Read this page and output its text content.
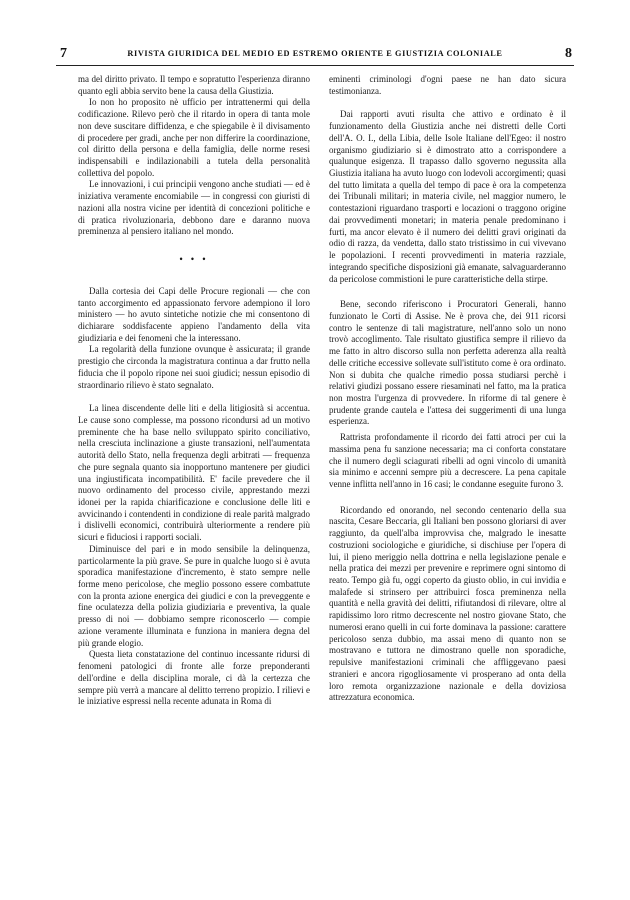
7	RIVISTA GIURIDICA DEL MEDIO ED ESTREMO ORIENTE E GIUSTIZIA COLONIALE	8

ma del diritto privato. Il tempo e sopratutto l'esperienza diranno quanto egli abbia servito bene la causa della Giustizia.

Io non ho proposito nè ufficio per intrattenermi qui della codificazione. Rilevo però che il ritardo in opera di tanta mole non deve suscitare diffidenza, e che spiegabile è il divisamento di procedere per gradi, anche per non differire la coordinazione, col diritto della persona e della famiglia, delle norme resesi indispensabili e indilazionabili a tutela della personalità collettiva del popolo.

Le innovazioni, i cui principii vengono anche studiati — ed è iniziativa veramente encomiabile — in congressi con giuristi di nazioni alla nostra vicine per identità di concezioni politiche e di pratica rivoluzionaria, debbono dare e daranno nuova preminenza al pensiero italiano nel mondo.

• • •

Dalla cortesia dei Capi delle Procure regionali — che con tanto accorgimento ed appassionato fervore adempiono il loro ministero — ho avuto sintetiche notizie che mi consentono di dichiarare soddisfacente appieno l'andamento della vita giudiziaria e dei fenomeni che la interessano.

La regolarità della funzione ovunque è assicurata; il grande prestigio che circonda la magistratura continua a dar frutto nella fiducia che il popolo ripone nei suoi giudici; nessun episodio di straordinario rilievo è stato segnalato.

La linea discendente delle liti e della litigiosità si accentua. Le cause sono complesse, ma possono ricondursi ad un motivo preminente che ha base nello sviluppato spirito conciliativo, nella cresciuta inclinazione a giuste transazioni, nell'aumentata autorità dello Stato, nella frequenza degli arbitrati — frequenza che pure segnala quanto sia inopportuno mantenere per giudici una ingiustificata incompatibilità. E' facile prevedere che il nuovo ordinamento del processo civile, apprestando mezzi idonei per la rapida chiarificazione e conclusione delle liti e avvicinando i contendenti in condizione di reale parità malgrado i dislivelli economici, contribuirà ulteriormente a rendere più sicuri e fiduciosi i rapporti sociali.

Diminuisce del pari e in modo sensibile la delinquenza, particolarmente la più grave. Se pure in qualche luogo si è avuta sporadica manifestazione d'incremento, è stato sempre nelle forme meno pericolose, che meglio possono essere combattute con la pronta azione energica dei giudici e con la preveggente e fine oculatezza della polizia giudiziaria e preventiva, la quale presso di noi — dobbiamo sempre riconoscerlo — compie azione veramente illuminata e funziona in maniera degna del più grande elogio.

Questa lieta constatazione del continuo incessante ridursi di fenomeni patologici di fronte alle forze preponderanti dell'ordine e della disciplina morale, ci dà la certezza che sempre più verrà a mancare al delitto terreno propizio. I rilievi e le iniziative espressi nella recente adunata in Roma di

eminenti criminologi d'ogni paese ne han dato sicura testimonianza.

Dai rapporti avuti risulta che attivo e ordinato è il funzionamento della Giustizia anche nei distretti delle Corti dell'A. O. I., della Libia, delle Isole Italiane dell'Egeo: il nostro organismo giudiziario si è dimostrato atto a corrispondere a qualunque esigenza. Il trapasso dallo sgoverno negussita alla Giustizia italiana ha avuto luogo con lodevoli accorgimenti; quasi del tutto limitata a quella del tempo di pace è ora la competenza dei Tribunali militari; in materia civile, nel maggior numero, le contestazioni riguardano trasporti e locazioni o traggono origine dai provvedimenti monetari; in materia penale predominano i furti, ma ancor elevato è il numero dei delitti gravi originati da odio di razza, da vendetta, dallo stato tristissimo in cui vivevano le popolazioni. I recenti provvedimenti in materia razziale, integrando specifiche disposizioni già emanate, salvaguarderanno da pericolose commistioni le pure caratteristiche della stirpe.

Bene, secondo riferiscono i Procuratori Generali, hanno funzionato le Corti di Assise. Ne è prova che, dei 911 ricorsi contro le sentenze di tali magistrature, nell'anno solo un nono trovò accoglimento. Tale risultato giustifica sempre il rilievo da me fatto in altro discorso sulla non perfetta aderenza alla realtà delle critiche eccessive sollevate sull'istituto come è ora ordinato. Non si dubita che qualche rimedio possa studiarsi perchè i relativi giudizi possano essere riesaminati nel fatto, ma la pratica non mostra l'urgenza di provvedere. In riforme di tal genere è prudente grande cautela e l'attesa dei suggerimenti di una lunga esperienza.

Rattrista profondamente il ricordo dei fatti atroci per cui la massima pena fu sanzione necessaria; ma ci conforta constatare che il numero degli sciagurati ribelli ad ogni vincolo di umanità sia minimo e accenni sempre più a decrescere. La pena capitale venne inflitta nell'anno in 16 casi; le condanne eseguite furono 3.

Ricordando ed onorando, nel secondo centenario della sua nascita, Cesare Beccaria, gli Italiani ben possono gloriarsi di aver raggiunto, da quell'alba improvvisa che, malgrado le inesatte costruzioni sociologiche e giuridiche, si dischiuse per l'opera di lui, il pieno meriggio nella dottrina e nella legislazione penale e nella pratica dei mezzi per prevenire e reprimere ogni sintomo di reato. Tempo già fu, oggi coperto da giusto oblio, in cui invidia e malafede si strinsero per attribuirci fosca preminenza nella quantità e nella gravità dei delitti, rifiutandosi di rilevare, oltre al rapidissimo loro ritmo decrescente nel nostro giovane Stato, che numerosi erano quelli in cui forte dominava la passione: carattere pericoloso senza dubbio, ma assai meno di quanto non se mostravano e tuttora ne dimostrano quelle non sporadiche, repulsive manifestazioni criminali che affliggevano paesi stranieri e ancora rigogliosamente vi prosperano ad onta della loro remota organizzazione nazionale e della doviziosa attrezzatura economica.
